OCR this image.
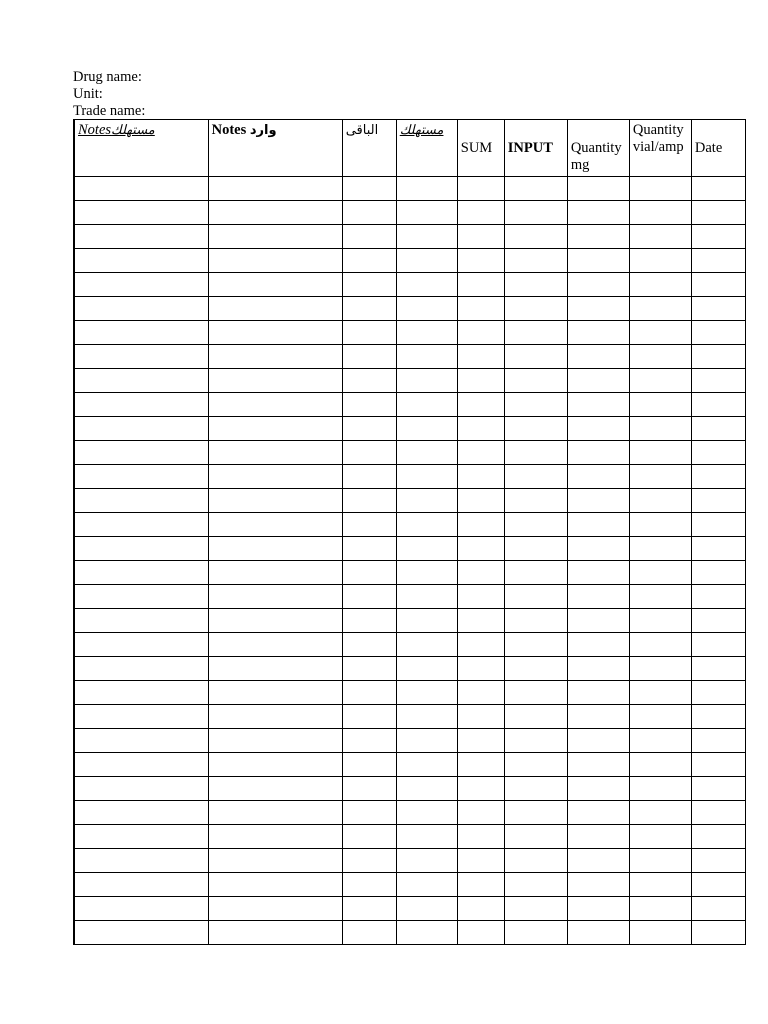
Drug name:
Unit:
Trade name:
Notesمستهلك	Notes وارد	الباقى	مستهلك	SUM	INPUT	Quantity mg	Quantity vial/amp	Date
